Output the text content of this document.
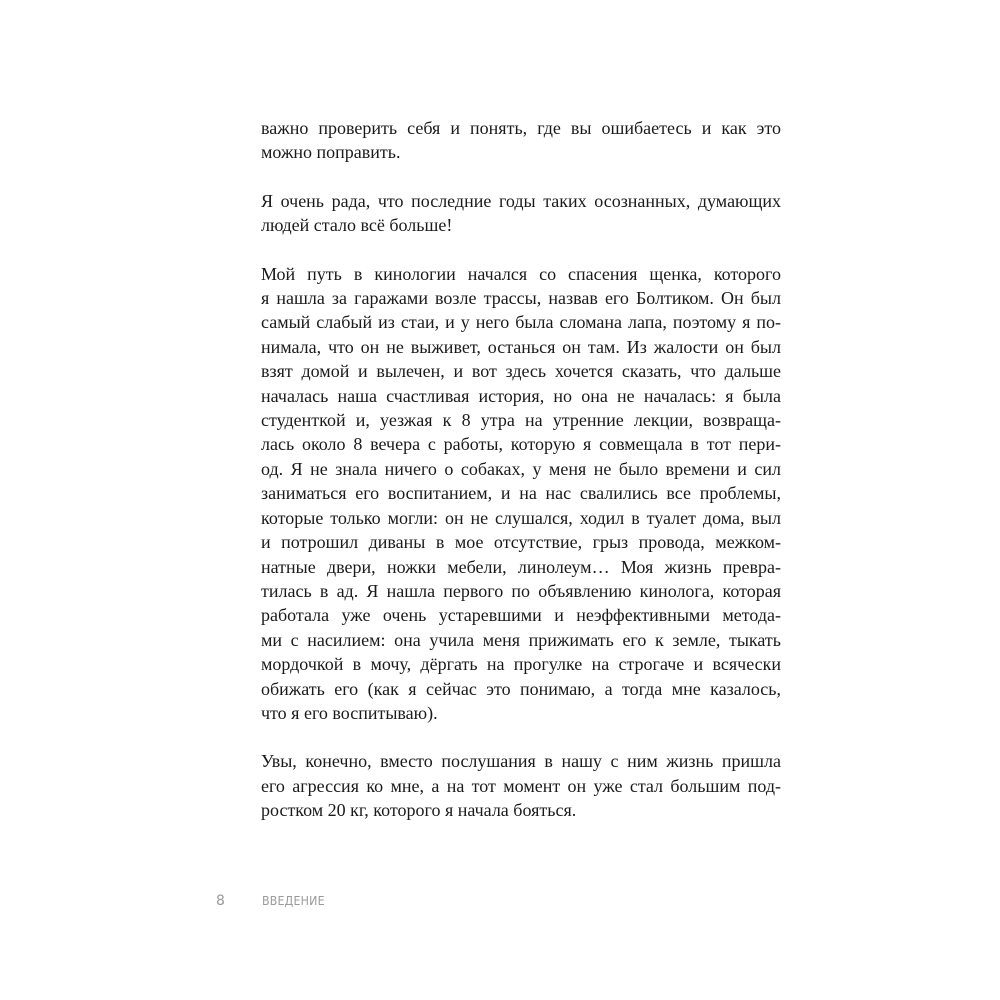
важно проверить себя и понять, где вы ошибаетесь и как это
можно поправить.

Я очень рада, что последние годы таких осознанных, думающих
людей стало всё больше!

Мой путь в кинологии начался со спасения щенка, которого
я нашла за гаражами возле трассы, назвав его Болтиком. Он был
самый слабый из стаи, и у него была сломана лапа, поэтому я по-
нимала, что он не выживет, останься он там. Из жалости он был
взят домой и вылечен, и вот здесь хочется сказать, что дальше
началась наша счастливая история, но она не началась: я была
студенткой и, уезжая к 8 утра на утренние лекции, возвраща-
лась около 8 вечера с работы, которую я совмещала в тот пери-
од. Я не знала ничего о собаках, у меня не было времени и сил
заниматься его воспитанием, и на нас свалились все проблемы,
которые только могли: он не слушался, ходил в туалет дома, выл
и потрошил диваны в мое отсутствие, грыз провода, межком-
натные двери, ножки мебели, линолеум… Моя жизнь преврa-
тилась в ад. Я нашла первого по объявлению кинолога, которая
работала уже очень устаревшими и неэффективными метода-
ми с насилием: она учила меня прижимать его к земле, тыкать
мордочкой в мочу, дёргать на прогулке на строгаче и всячески
обижать его (как я сейчас это понимаю, а тогда мне казалось,
что я его воспитываю).

Увы, конечно, вместо послушания в нашу с ним жизнь пришла
его агрессия ко мне, а на тот момент он уже стал большим под-
ростком 20 кг, которого я начала бояться.

8	ВВЕДЕНИЕ
